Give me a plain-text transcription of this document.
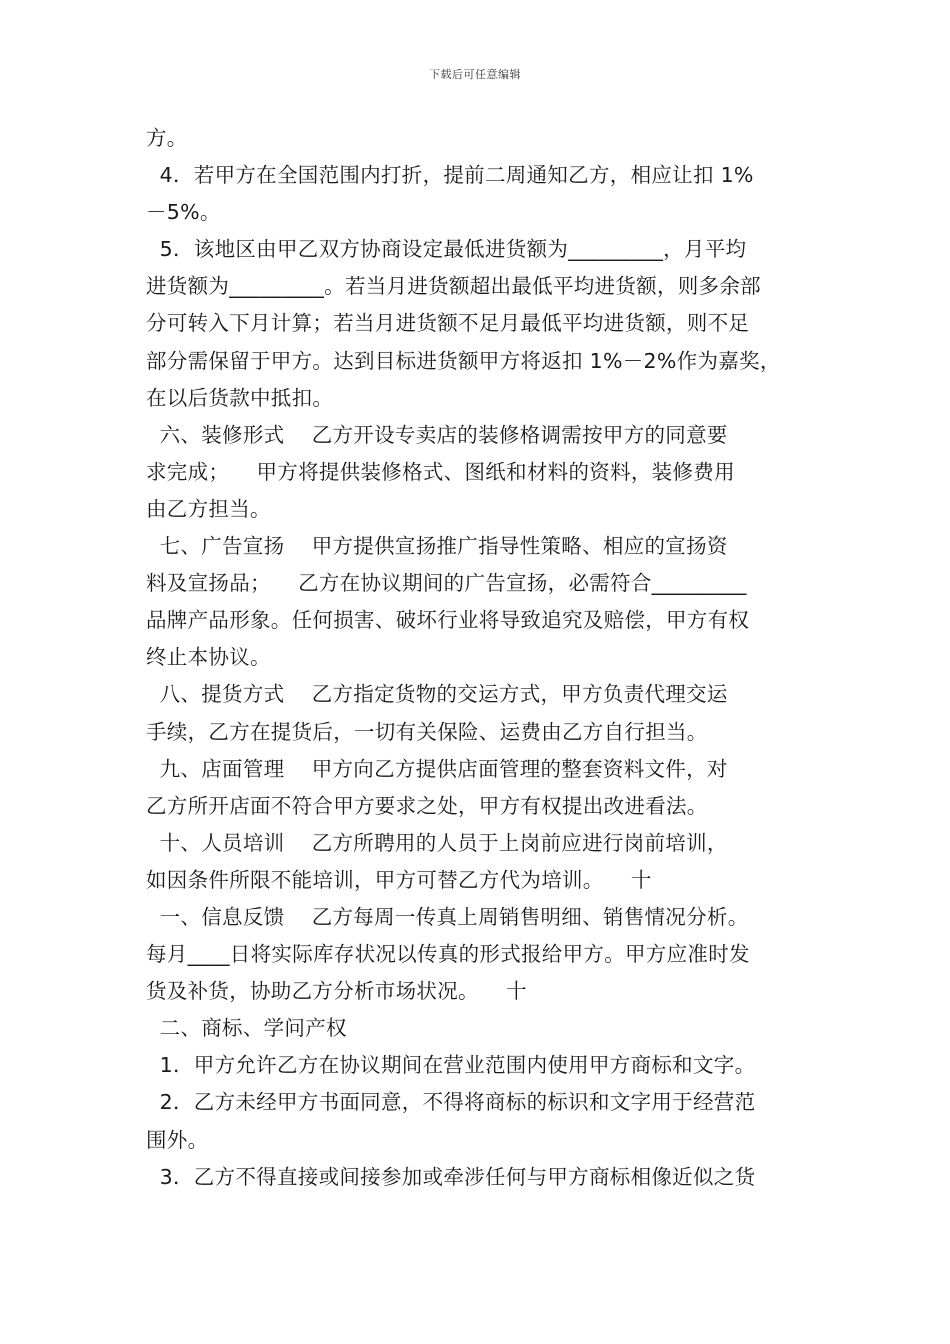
下载后可任意编辑
方。
4．若甲方在全国范围内打折，提前二周通知乙方，相应让扣 1%
－5%。
5．该地区由甲乙双方协商设定最低进货额为_________，月平均
进货额为_________。若当月进货额超出最低平均进货额，则多余部
分可转入下月计算；若当月进货额不足月最低平均进货额，则不足
部分需保留于甲方。达到目标进货额甲方将返扣 1%－2%作为嘉奖，
在以后货款中抵扣。
六、装修形式    乙方开设专卖店的装修格调需按甲方的同意要
求完成；    甲方将提供装修格式、图纸和材料的资料，装修费用
由乙方担当。
七、广告宣扬    甲方提供宣扬推广指导性策略、相应的宣扬资
料及宣扬品；    乙方在协议期间的广告宣扬，必需符合_________
品牌产品形象。任何损害、破坏行业将导致追究及赔偿，甲方有权
终止本协议。
八、提货方式    乙方指定货物的交运方式，甲方负责代理交运
手续，乙方在提货后，一切有关保险、运费由乙方自行担当。
九、店面管理    甲方向乙方提供店面管理的整套资料文件，对
乙方所开店面不符合甲方要求之处，甲方有权提出改进看法。
十、人员培训    乙方所聘用的人员于上岗前应进行岗前培训，
如因条件所限不能培训，甲方可替乙方代为培训。    十
一、信息反馈    乙方每周一传真上周销售明细、销售情况分析。
每月____日将实际库存状况以传真的形式报给甲方。甲方应准时发
货及补货，协助乙方分析市场状况。    十
二、商标、学问产权
1．甲方允许乙方在协议期间在营业范围内使用甲方商标和文字。
2．乙方未经甲方书面同意，不得将商标的标识和文字用于经营范
围外。
3．乙方不得直接或间接参加或牵涉任何与甲方商标相像近似之货
